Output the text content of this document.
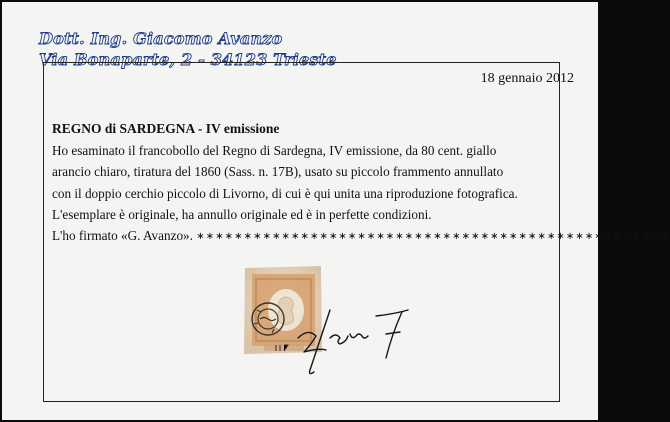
Dott. Ing. Giacomo Avanzo
Via Bonaparte, 2 - 34123 Trieste
18 gennaio 2012
REGNO di SARDEGNA - IV emissione

Ho esaminato il francobollo del Regno di Sardegna, IV emissione, da 80 cent. giallo

arancio chiaro, tiratura del 1860 (Sass. n. 17B), usato su piccolo frammento annullato

con il doppio cerchio piccolo di Livorno, di cui è qui unita una riproduzione fotografica.

L'esemplare è originale, ha annullo originale ed è in perfette condizioni.

L'ho firmato «G. Avanzo». ∗∗∗∗∗∗∗∗∗∗∗∗∗∗∗∗∗∗∗∗∗∗∗∗∗∗∗∗∗∗∗∗∗∗∗∗∗∗∗∗∗∗∗∗∗∗∗∗∗∗
